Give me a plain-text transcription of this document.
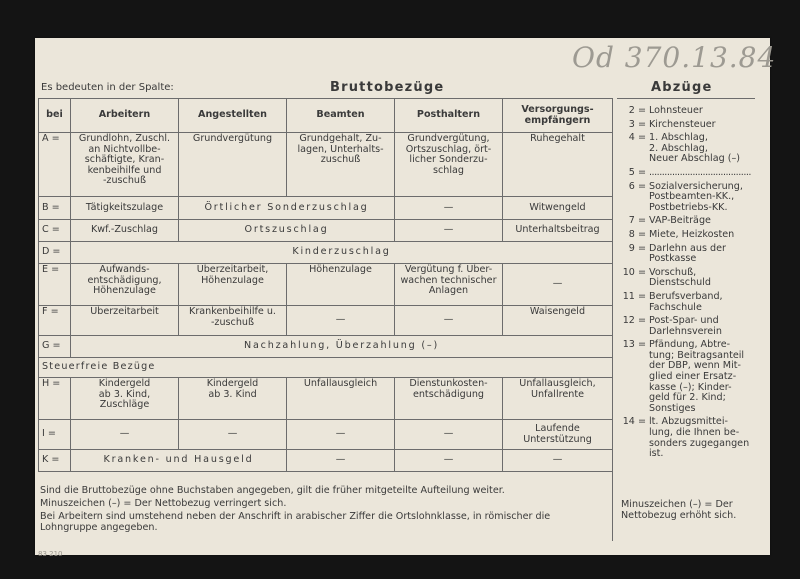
Od 370.13.84
Es bedeuten in der Spalte:	Bruttobezüge	Abzüge
bei	Arbeitern	Angestellten	Beamten	Posthaltern	Versorgungs-
empfängern
A =	Grundlohn, Zuschl.
an Nichtvollbe-
schäftigte, Kran-
kenbeihilfe und
-zuschuß	Grundvergütung	Grundgehalt, Zu-
lagen, Unterhalts-
zuschuß	Grundvergütung,
Ortszuschlag, ört-
licher Sonderzu-
schlag	Ruhegehalt
B =	Tätigkeitszulage	Örtlicher Sonderzuschlag		—	Witwengeld
C =	Kwf.-Zuschlag	Ortszuschlag		—	Unterhaltsbeitrag
D =	Kinderzuschlag				
E =	Aufwands-
entschädigung,
Höhenzulage	Überzeitarbeit,
Höhenzulage	Höhenzulage	Vergütung f. Über-
wachen technischer
Anlagen	—
F =	Überzeitarbeit	Krankenbeihilfe u.
-zuschuß	—	—	Waisengeld
G =	Nachzahlung, Überzahlung (–)				
Steuerfreie Bezüge					
H =	Kindergeld
ab 3. Kind,
Zuschläge	Kindergeld
ab 3. Kind	Unfallausgleich	Dienstunkosten-
entschädigung	Unfallausgleich,
Unfallrente
I =	—	—	—	—	Laufende
Unterstützung
K =	Kranken- und Hausgeld		—	—	—
2 = Lohnsteuer
3 = Kirchensteuer
4 = 1. Abschlag,
2. Abschlag,
Neuer Abschlag (–)
5 = ........................................
6 = Sozialversicherung,
Postbeamten-KK.,
Postbetriebs-KK.
7 = VAP-Beiträge
8 = Miete, Heizkosten
9 = Darlehn aus der
Postkasse
10 = Vorschuß,
Dienstschuld
11 = Berufsverband,
Fachschule
12 = Post-Spar- und
Darlehnsverein
13 = Pfändung, Abtre-
tung; Beitragsanteil
der DBP, wenn Mit-
glied einer Ersatz-
kasse (–); Kinder-
geld für 2. Kind;
Sonstiges
14 = lt. Abzugsmittei-
lung, die Ihnen be-
sonders zugegangen
ist.
Minuszeichen (–) = Der
Nettobezug erhöht sich.

Sind die Bruttobezüge ohne Buchstaben angegeben, gilt die früher mitgeteilte Aufteilung weiter.

Minuszeichen (–) = Der Nettobezug verringert sich.

Bei Arbeitern sind umstehend neben der Anschrift in arabischer Ziffer die Ortslohnklasse, in römischer die Lohngruppe angegeben.

83 210
